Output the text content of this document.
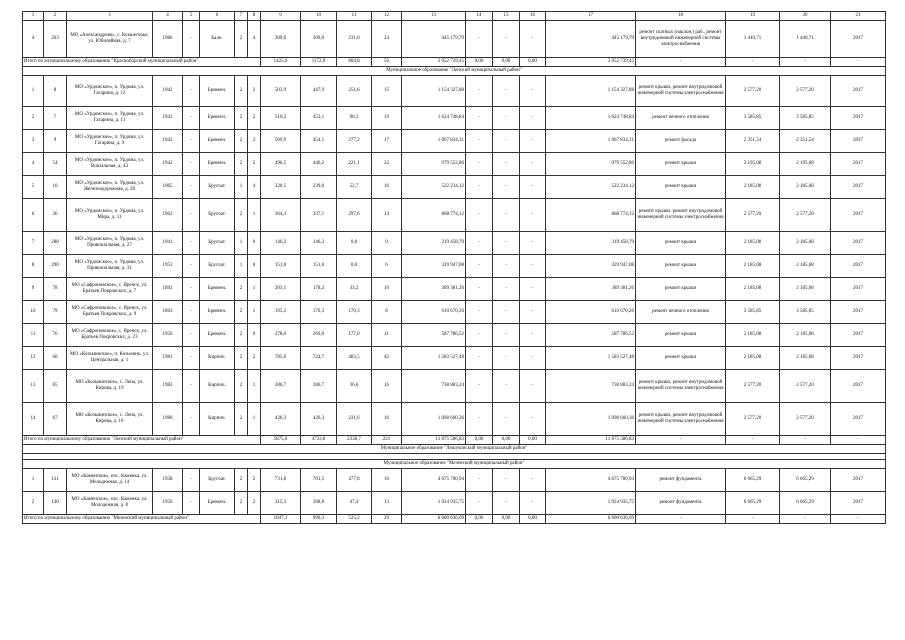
1	2	3	4	5	6	7	8	9	10	11	12	13	14	15	16	17	18	19	20	21
4	263	МО «Александрово», с. Кукшегорье, ул. Юбилейная, д. 7	1986	-	Бало.	2	4	309,0	309,0	231,0	24	445 179,79	-	-	-	445 179,79	ремонт скатных (наклон.) раб., ремонт внутридомовой инженерной системы электроснабжения	1 440,71	1 440,71	2017
Итого по муниципальному образованию "Красноборский муниципальный район"								1425,0	1172,0	804,0	56	3 952 739,45	0,00	0,00	0,00	3 952 739,45	-	-	-	-
Муниципальное образование "Ленский муниципальный район"																				
1	8	МО «Урдомское», п. Урдома, ул. Гагарина, д. 12	1942	-	Бревенч.	2	2	503,9	447,9	251,6	15	1 154 327,88	-	-	-	1 154 327,88	ремонт крыши, ремонт внутридомовой инженерной системы электроснабжения	2 577,20	2 577,20	2017
2	7	МО «Урдомское», п. Урдома, ул. Гагарина, д. 11	1942	-	Бревенч.	2	2	510,2	453,1	98,3	19	1 624 748,84	-	-	-	1 624 748,84	ремонт печного отопления	3 585,85	3 585,85	2017
3	9	МО «Урдомское», п. Урдома, ул. Гагарина, д. 9	1942	-	Бревенч.	2	2	509,9	454,1	277,2	17	1 067 834,31	-	-	-	1 067 834,31	ремонт фасада	2 351,54	2 351,54	2017
4	54	МО «Урдомское», п. Урдома, ул. Вокзальная, д. 43	1942	-	Бревенч.	2	2	496,5	446,2	221,1	22	979 552,86	-	-	-	979 552,86	ремонт крыши	2 195,08	2 195,08	2017
5	10	МО «Урдомское», п. Урдома, ул. Железнодорожная, д. 20	1965	-	Брусчат.	1	4	320,5	239,0	52,7	16	522 234,12	-	-	-	522 234,12	ремонт крыши	2 185,08	2 185,08	2017
6	36	МО «Урдомское», п. Урдома, ул. Мира, д. 11	1962	-	Брусчат.	2	1	364,3	337,1	297,6	14	868 774,12	-	-	-	868 774,12	ремонт крыши, ремонт внутридомовой инженерной системы электроснабжения	2 577,20	2 577,20	2017
7	288	МО «Урдомское», п. Урдома, ул. Привокзальная, д. 27	1941	-	Брусчат.	1	0	146,2	146,2	0,0	9	319 458,79	-	-	-	319 458,79	ремонт крыши	2 185,08	2 185,08	2017
8	290	МО «Урдомское», п. Урдома, ул. Привокзальная, д. 31	1953	-	Брусчат.	1	0	151,0	151,0	0,0	6	329 947,08	-	-	-	329 947,08	ремонт крыши	2 185,08	2 185,08	2017
9	78	МО «Сафроновское», с. Яренск, ул. Братьев Покровских, д. 7	1892	-	Бревенч.	2	1	203,1	178,2	33,2	10	389 381,26	-	-	-	389 381,26	ремонт крыши	2 185,08	2 185,08	2017
10	79	МО «Сафроновское», с. Яренск, ул. Братьев Покровских, д. 9	1863	-	Бревенч.	2	1	195,2	170,3	170,3	8	610 670,26	-	-	-	610 670,26	ремонт печного отопления	3 585,85	3 585,85	2017
11	76	МО «Сафроновское», с. Яренск, ул. Братьев Покровских, д. 23	1950	-	Бревенч.	2	0	278,0	269,0	177,0	11	587 786,52	-	-	-	587 786,52	ремонт крыши	2 185,08	2 185,08	2017
12	60	МО «Козьминское», п. Козьмино, ул. Центральная, д. 1	1981	-	Кирпич.	2	2	785,0	724,7	483,5	42	1 583 527,48	-	-	-	1 583 527,48	ремонт крыши	2 185,08	2 185,08	2017
13	65	МО «Козьминское», с. Лена, ул. Кирова, д. 19	1982	-	Кирпич.	2	1	286,7	286,7	36,6	16	738 883,24	-	-	-	738 883,24	ремонт крыши, ремонт внутридомовой инженерной системы электроснабжения	2 577,20	2 577,20	2017
14	67	МО «Козьминское», с. Лена, ул. Кирова, д. 16	1980	-	Кирпич.	2	1	426,3	426,3	231,6	16	1 098 660,36	-	-	-	1 098 660,36	ремонт крыши, ремонт внутридомовой инженерной системы электроснабжения	2 577,20	2 577,20	2017
Итого по муниципальному образованию "Ленский муниципальный район"								5875,6	4733,8	2338,7	221	11 875 586,83	0,00	0,00	0,00	11 875 586,83	-	-	-	-
Муниципальное образование "Лешуконский муниципальный район"																				

Муниципальное образование "Мезенский муниципальный район"																				
1	131	МО «Каменское», пос. Каменка, ул. Молодежная, д. 14	1958	-	Брусчат.	2	2	731,8	701,5	477,8	16	4 675 700,94	-	-	-	4 675 700,94	ремонт фундамента	6 665,29	6 665,29	2017
2	140	МО «Каменское», пос. Каменка, ул. Молодежная, д. 8	1950	-	Бревенч.	2	2	315,3	288,8	47,4	13	1 924 935,75	-	-	-	1 924 935,75	ремонт фундамента	6 665,29	6 665,29	2017
Итого по муниципальному образованию "Мезенский муниципальный район"								1047,1	990,3	525,2	29	6 600 636,69	0,00	0,00	0,00	6 600 636,69	-	-	-	-
